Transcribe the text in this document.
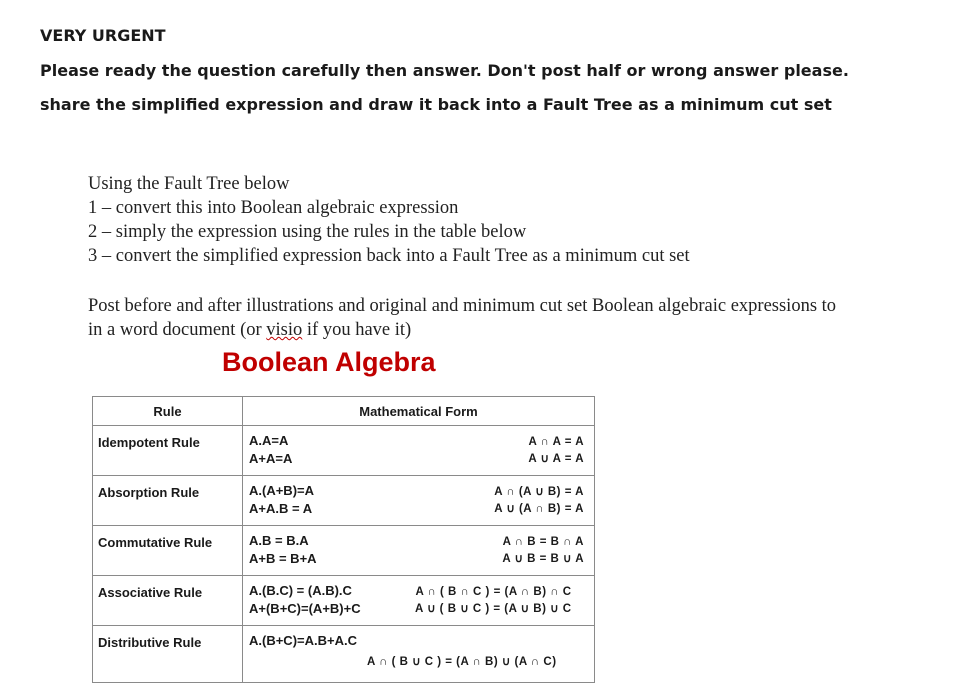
VERY URGENT
Please ready the question carefully then answer. Don't post half or wrong answer please.
share the simplified expression and draw it back into a Fault Tree as a minimum cut set
Using the Fault Tree below
1 – convert this into Boolean algebraic expression
2 – simply the expression using the rules in the table below
3 – convert the simplified expression back into a Fault Tree as a minimum cut set
Post before and after illustrations and original and minimum cut set Boolean algebraic expressions to
in a word document (or visio if you have it)
Boolean Algebra
Rule	Mathematical Form
Idempotent Rule	A.A=A
A+A=A
A ∩ A = A
A ∪ A = A

Absorption Rule	A.(A+B)=A
A+A.B = A
A ∩ (A ∪ B) = A
A ∪ (A ∩ B) = A

Commutative Rule	A.B = B.A
A+B = B+A
A ∩ B = B ∩ A
A ∪ B = B ∪ A

Associative Rule	A.(B.C) = (A.B).C
A+(B+C)=(A+B)+C
A ∩ ( B ∩ C ) = (A ∩ B) ∩ C
A ∪ ( B ∪ C ) = (A ∪ B) ∪ C

Distributive Rule	A.(B+C)=A.B+A.C
A ∩ ( B ∪ C ) = (A ∩ B) ∪ (A ∩ C)
